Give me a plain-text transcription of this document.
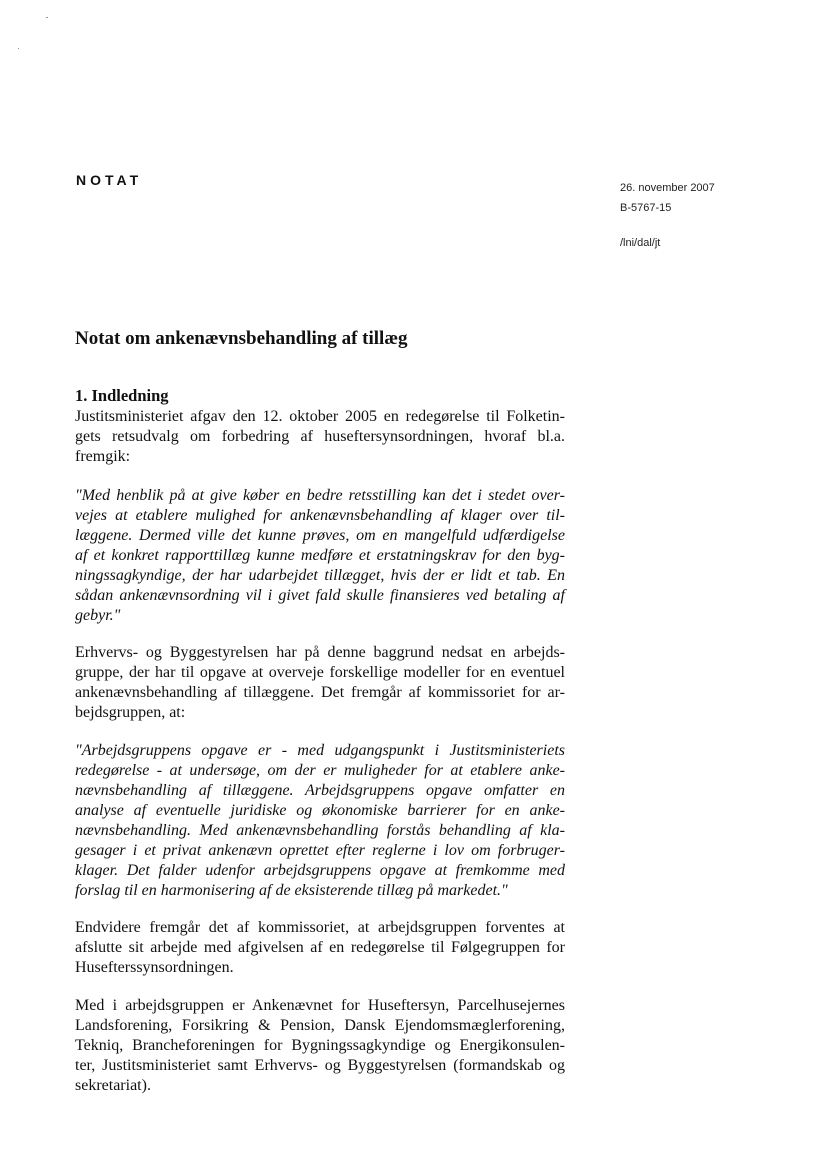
NOTAT	26. november 2007
B-5767-15
/lni/dal/jt
Notat om ankenævnsbehandling af tillæg
1. Indledning
Justitsministeriet afgav den 12. oktober 2005 en redegørelse til Folketin-
gets retsudvalg om forbedring af huseftersynsordningen, hvoraf bl.a.
fremgik:
"Med henblik på at give køber en bedre retsstilling kan det i stedet over-
vejes at etablere mulighed for ankenævnsbehandling af klager over til-
læggene. Dermed ville det kunne prøves, om en mangelfuld udfærdigelse
af et konkret rapporttillæg kunne medføre et erstatningskrav for den byg-
ningssagkyndige, der har udarbejdet tillægget, hvis der er lidt et tab. En
sådan ankenævnsordning vil i givet fald skulle finansieres ved betaling af
gebyr."
Erhvervs- og Byggestyrelsen har på denne baggrund nedsat en arbejds-
gruppe, der har til opgave at overveje forskellige modeller for en eventuel
ankenævnsbehandling af tillæggene. Det fremgår af kommissoriet for ar-
bejdsgruppen, at:
"Arbejdsgruppens opgave er - med udgangspunkt i Justitsministeriets
redegørelse - at undersøge, om der er muligheder for at etablere anke-
nævnsbehandling af tillæggene. Arbejdsgruppens opgave omfatter en
analyse af eventuelle juridiske og økonomiske barrierer for en anke-
nævnsbehandling. Med ankenævnsbehandling forstås behandling af kla-
gesager i et privat ankenævn oprettet efter reglerne i lov om forbruger-
klager. Det falder udenfor arbejdsgruppens opgave at fremkomme med
forslag til en harmonisering af de eksisterende tillæg på markedet."
Endvidere fremgår det af kommissoriet, at arbejdsgruppen forventes at
afslutte sit arbejde med afgivelsen af en redegørelse til Følgegruppen for
Husefterssynsordningen.
Med i arbejdsgruppen er Ankenævnet for Huseftersyn, Parcelhusejernes
Landsforening, Forsikring & Pension, Dansk Ejendomsmæglerforening,
Tekniq, Brancheforeningen for Bygningssagkyndige og Energikonsulen-
ter, Justitsministeriet samt Erhvervs- og Byggestyrelsen (formandskab og
sekretariat).
